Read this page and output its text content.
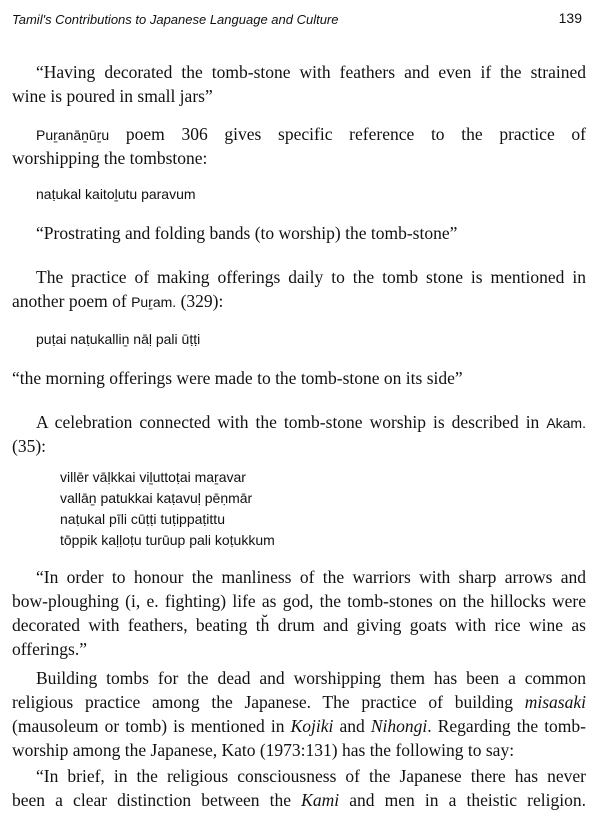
Tamil's Contributions to Japanese Language and Culture	139
“Having decorated the tomb-stone with feathers and even if the strained
wine is poured in small jars”
Puṟanāṉūṟu poem 306 gives specific reference to the practice of
worshipping the tombstone:
naṭukal kaitoḻutu paravum
“Prostrating and folding bands (to worship) the tomb-stone”
The practice of making offerings daily to the tomb stone is mentioned in
another poem of Puṟam. (329):
puṭai naṭukalliṉ nāḷ pali ūṭṭi
“the morning offerings were made to the tomb-stone on its side”
A celebration connected with the tomb-stone worship is described in Akam.
(35):
villēr vāḷkkai viḻuttoṭai maṟavar
vallāṉ patukkai kaṭavuḷ pēṇmār
naṭukal pīli cūṭṭi tuṭippaṭittu
tōppik kaḷḷoṭu turūup pali koṭukkum
“In order to honour the manliness of the warriors with sharp arrows and
bow-ploughing (i, e. fighting) life as god, the tomb-stones on the hillocks were
decorated with feathers, beating th̆ drum and giving goats with rice wine as
offerings.”
Building tombs for the dead and worshipping them has been a common
religious practice among the Japanese. The practice of building misasaki
(mausoleum or tomb) is mentioned in Kojiki and Nihongi. Regarding the tomb-
worship among the Japanese, Kato (1973:131) has the following to say:
“In brief, in the religious consciousness of the Japanese there has never
been a clear distinction between the Kami and men in a theistic religion.
